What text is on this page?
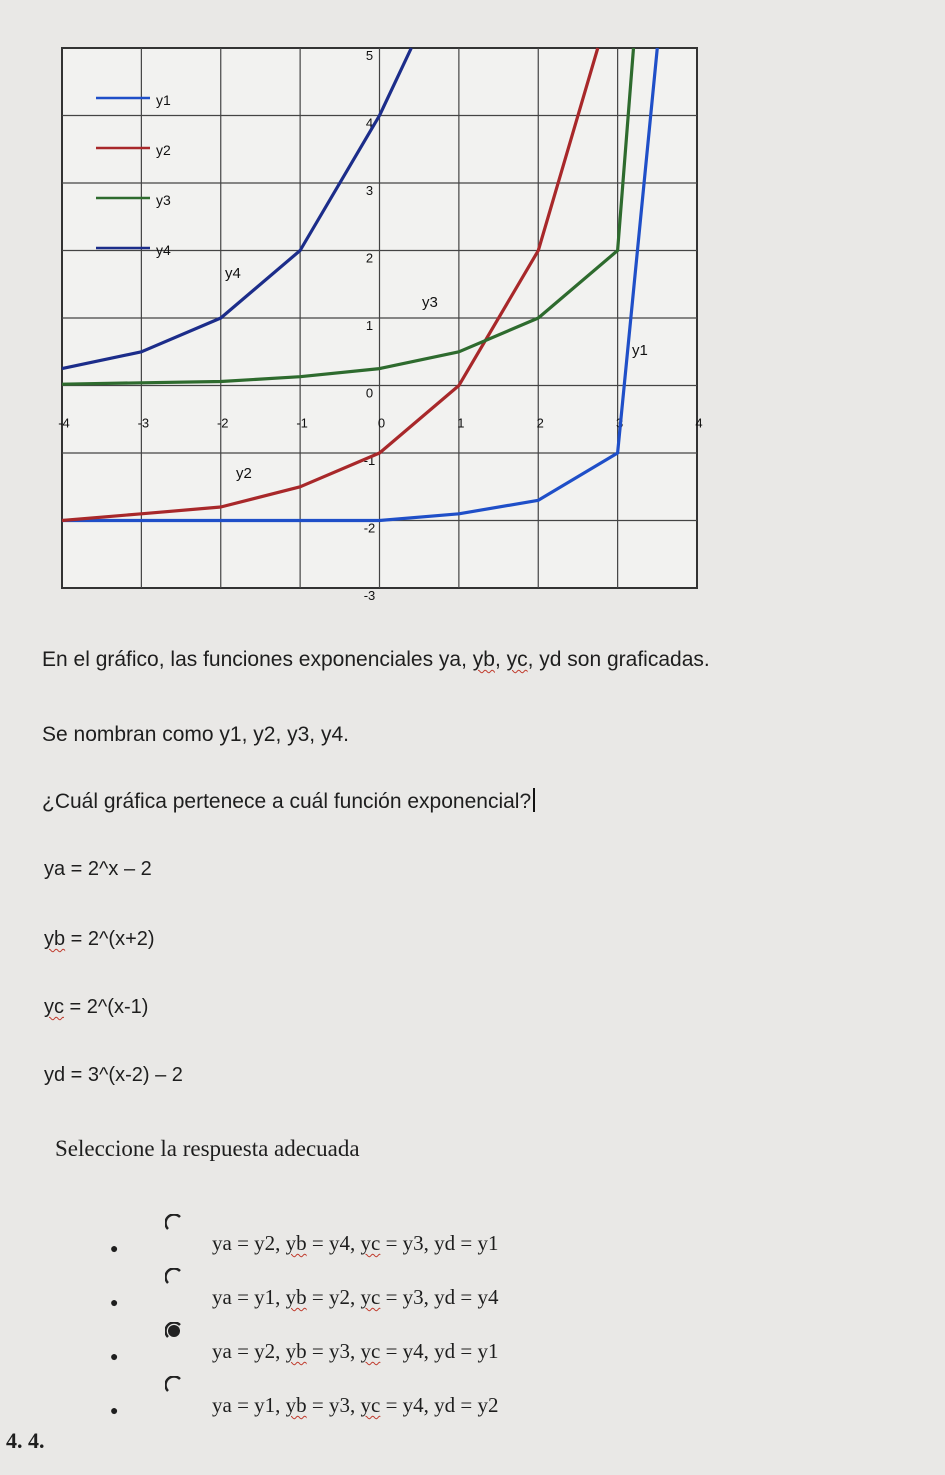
-4	-3	-2	-1	0	1	2	3	4
-3
-2
-1
0
1
2
3
4
5
y1
y2
y3
y4
y4
y3
y2
y1
En el gráfico, las funciones exponenciales ya, yb, yc, yd son graficadas.
Se nombran como y1, y2, y3, y4.
¿Cuál gráfica pertenece a cuál función exponencial?
ya = 2^x – 2
yb = 2^(x+2)
yc = 2^(x-1)
yd = 3^(x-2) – 2
Seleccione la respuesta adecuada
●	ya = y2, yb = y4, yc = y3, yd = y1
●	ya = y1, yb = y2, yc = y3, yd = y4
●	ya = y2, yb = y3, yc = y4, yd = y1
●	ya = y1, yb = y3, yc = y4, yd = y2
4. 4.
